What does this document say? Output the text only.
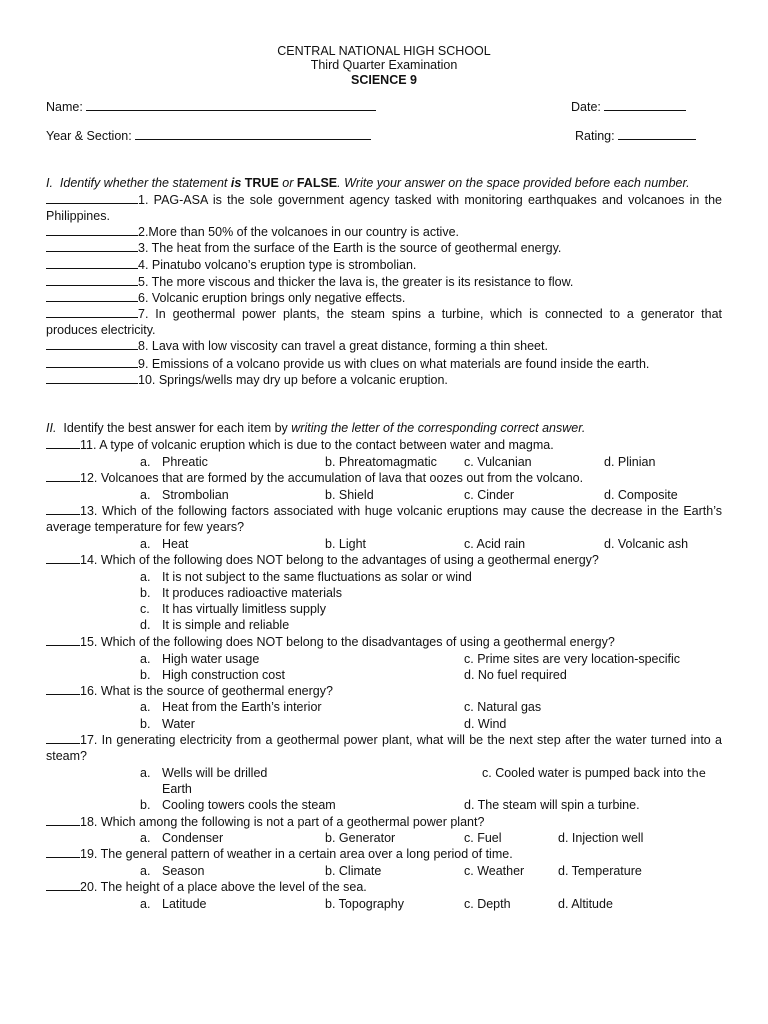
CENTRAL NATIONAL HIGH SCHOOL
Third Quarter Examination
SCIENCE 9
Name:	Date:
Year & Section:	Rating:
I. Identify whether the statement is TRUE or FALSE. Write your answer on the space provided before each number.
1. PAG-ASA is the sole government agency tasked with monitoring earthquakes and volcanoes in the Philippines.
2.More than 50% of the volcanoes in our country is active.
3. The heat from the surface of the Earth is the source of geothermal energy.
4. Pinatubo volcano’s eruption type is strombolian.
5. The more viscous and thicker the lava is, the greater is its resistance to flow.
6. Volcanic eruption brings only negative effects.
7. In geothermal power plants, the steam spins a turbine, which is connected to a generator that produces electricity.
8. Lava with low viscosity can travel a great distance, forming a thin sheet.
9. Emissions of a volcano provide us with clues on what materials are found inside the earth.
10. Springs/wells may dry up before a volcanic eruption.
II. Identify the best answer for each item by writing the letter of the corresponding correct answer.
11. A type of volcanic eruption which is due to the contact between water and magma.
a. Phreatic	b. Phreatomagmatic c. Vulcanian	d. Plinian
12. Volcanoes that are formed by the accumulation of lava that oozes out from the volcano.
a. Strombolian	b. Shield	c. Cinder	d. Composite
13. Which of the following factors associated with huge volcanic eruptions may cause the decrease in the Earth’s average temperature for few years?
a. Heat	b. Light	c. Acid rain	d. Volcanic ash
14. Which of the following does NOT belong to the advantages of using a geothermal energy?
a. It is not subject to the same fluctuations as solar or wind
b. It produces radioactive materials
c. It has virtually limitless supply
d. It is simple and reliable
15. Which of the following does NOT belong to the disadvantages of using a geothermal energy?
a. High water usage	c. Prime sites are very location-specific
b. High construction cost	d. No fuel required
16. What is the source of geothermal energy?
a. Heat from the Earth’s interior	c. Natural gas
b. Water	d. Wind
17. In generating electricity from a geothermal power plant, what will be the next step after the water turned into a steam?
a. Wells will be drilled	c. Cooled water is pumped back into the
Earth
b. Cooling towers cools the steam	d. The steam will spin a turbine.
18. Which among the following is not a part of a geothermal power plant?
a. Condenser	b. Generator	c. Fuel	d. Injection well
19. The general pattern of weather in a certain area over a long period of time.
a. Season	b. Climate	c. Weather	d. Temperature
20. The height of a place above the level of the sea.
a. Latitude	b. Topography	c. Depth	d. Altitude
